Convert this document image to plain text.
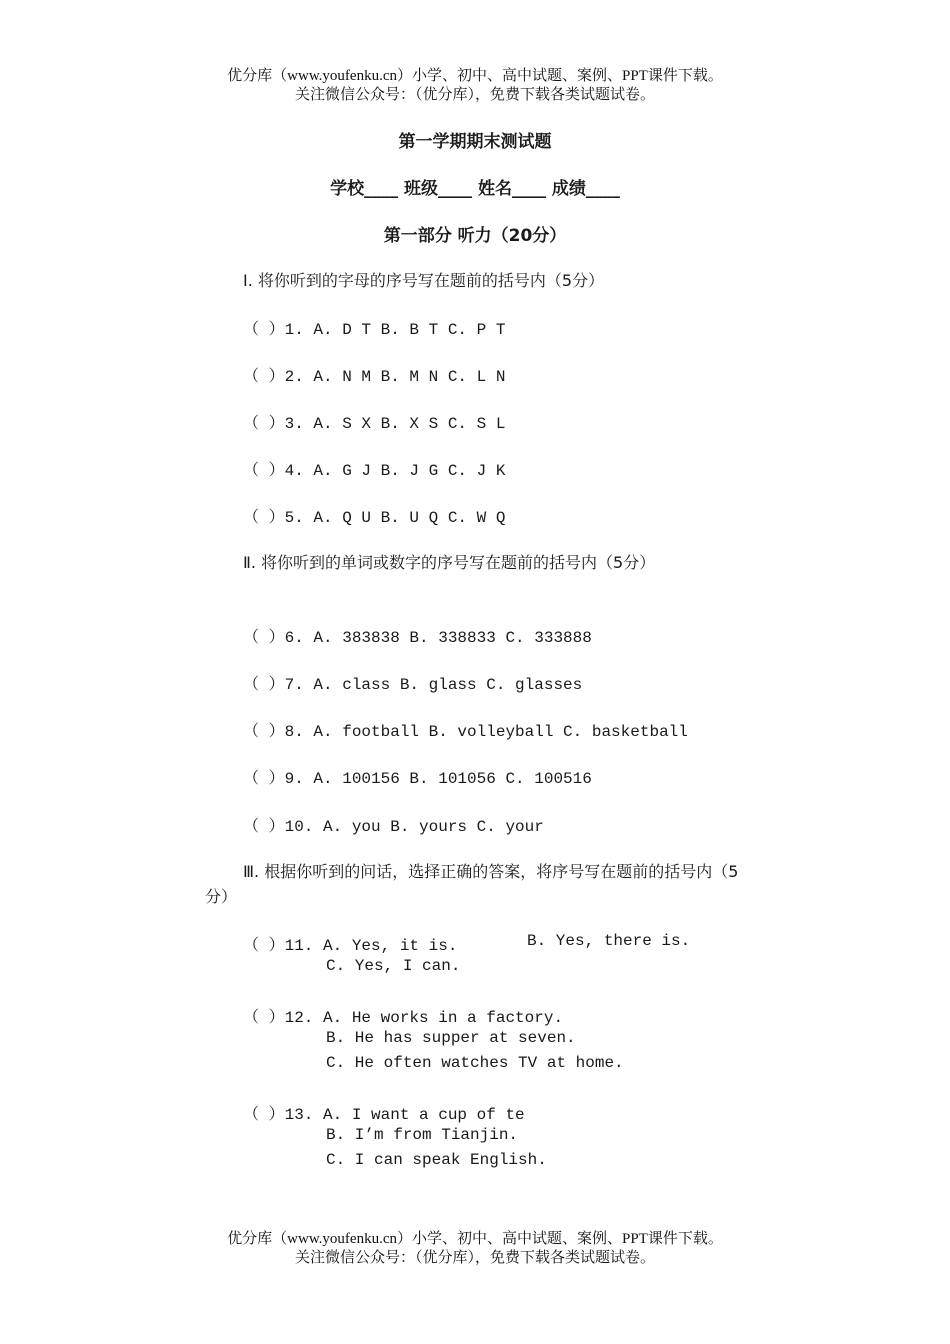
优分库（www.youfenku.cn）小学、初中、高中试题、案例、PPT课件下载。
关注微信公众号：（优分库），免费下载各类试题试卷。
第一学期期末测试题
学校____ 班级____ 姓名____ 成绩____
第一部分 听力（20分）
Ⅰ. 将你听到的字母的序号写在题前的括号内（5分）
（ ）1. A. D T B. B T C. P T
（ ）2. A. N M B. M N C. L N
（ ）3. A. S X B. X S C. S L
（ ）4. A. G J B. J G C. J K
（ ）5. A. Q U B. U Q C. W Q
Ⅱ. 将你听到的单词或数字的序号写在题前的括号内（5分）
（ ）6. A. 383838 B. 338833 C. 333888
（ ）7. A. class B. glass C. glasses
（ ）8. A. football B. volleyball C. basketball
（ ）9. A. 100156 B. 101056 C. 100516
（ ）10. A. you B. yours C. your
Ⅲ. 根据你听到的问话，选择正确的答案，将序号写在题前的括号内（5分）
（ ）11. A. Yes, it is.	B. Yes, there is.
C. Yes, I can.
（ ）12. A. He works in a factory.
B. He has supper at seven.
C. He often watches TV at home.
（ ）13. A. I want a cup of te
B. I’m from Tianjin.
C. I can speak English.
优分库（www.youfenku.cn）小学、初中、高中试题、案例、PPT课件下载。
关注微信公众号：（优分库），免费下载各类试题试卷。
